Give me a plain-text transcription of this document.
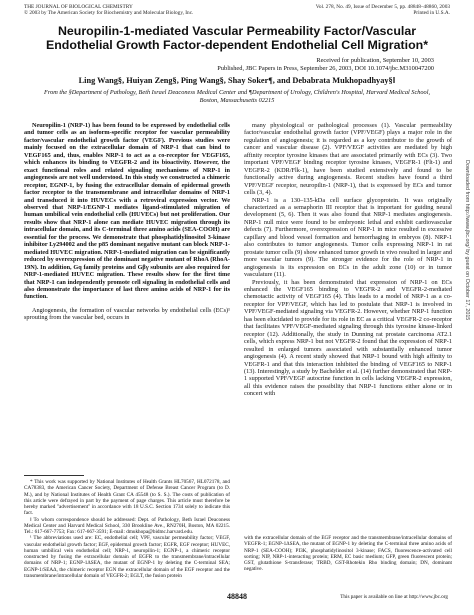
THE JOURNAL OF BIOLOGICAL CHEMISTRY
© 2003 by The American Society for Biochemistry and Molecular Biology, Inc.
Vol. 278, No. 49, Issue of December 5, pp. 48848–48860, 2003
Printed in U.S.A.
Neuropilin-1-mediated Vascular Permeability Factor/Vascular Endothelial Growth Factor-dependent Endothelial Cell Migration*
Received for publication, September 10, 2003
Published, JBC Papers in Press, September 26, 2003, DOI 10.1074/jbc.M310047200
Ling Wang§, Huiyan Zeng§, Ping Wang§, Shay Soker¶, and Debabrata Mukhopadhyay§‖
From the §Department of Pathology, Beth Israel Deaconess Medical Center and ¶Department of Urology, Children's Hospital, Harvard Medical School, Boston, Massachusetts 02215

Neuropilin-1 (NRP-1) has been found to be expressed by endothelial cells and tumor cells as an isoform-specific receptor for vascular permeability factor/vascular endothelial growth factor (VEGF). Previous studies were mainly focused on the extracellular domain of NRP-1 that can bind to VEGF165 and, thus, enables NRP-1 to act as a co-receptor for VEGF165, which enhances its binding to VEGFR-2 and its bioactivity. However, the exact functional roles and related signaling mechanisms of NRP-1 in angiogenesis are not well understood. In this study we constructed a chimeric receptor, EGNP-1, by fusing the extracellular domain of epidermal growth factor receptor to the transmembrane and intracellular domains of NRP-1 and transduced it into HUVECs with a retroviral expression vector. We observed that NRP-1/EGNP-1 mediates ligand-stimulated migration of human umbilical vein endothelial cells (HUVECs) but not proliferation. Our results show that NRP-1 alone can mediate HUVEC migration through its intracellular domain, and its C-terminal three amino acids (SEA-COOH) are essential for the process. We demonstrate that phosphatidylinositol 3-kinase inhibitor Ly294002 and the p85 dominant negative mutant can block NRP-1-mediated HUVEC migration. NRP-1-mediated migration can be significantly reduced by overexpression of the dominant negative mutant of RhoA (RhoA-19N). In addition, Gq family proteins and Gβγ subunits are also required for NRP-1-mediated HUVEC migration. These results show for the first time that NRP-1 can independently promote cell signaling in endothelial cells and also demonstrate the importance of last three amino acids of NRP-1 for its function.

Angiogenesis, the formation of vascular networks by endothelial cells (ECs)¹ sprouting from the vascular bed, occurs in

* This work was supported by National Institutes of Health Grants HL70567, HL072178, and CA78383, the American Cancer Society, Department of Defense Breast Cancer Program (to D. M.), and by National Institutes of Health Grant CA 45548 (to S. S.). The costs of publication of this article were defrayed in part by the payment of page charges. This article must therefore be hereby marked "advertisement" in accordance with 18 U.S.C. Section 1734 solely to indicate this fact.

‖ To whom correspondence should be addressed: Dept. of Pathology, Beth Israel Deaconess Medical Center and Harvard Medical School, 330 Brookline Ave., RN270H, Boston, MA 02215. Tel.: 617-667-7753; Fax: 617-667-3591; E-mail: dmukhopa@bidmc.harvard.edu.

¹ The abbreviations used are: EC, endothelial cell; VPF, vascular permeability factor; VEGF, vascular endothelial growth factor; EGF, epidermal growth factor; EGFR, EGF receptor; HUVEC, human umbilical vein endothelial cell; NRP-1, neuropilin-1; EGNP-1, a chimeric receptor constructed by fusing the extracellular domain of EGFR to the transmembrane/intracellular domains of NRP-1; EGNP-1ΔSEA, the mutant of EGNP-1 by deleting the C-terminal SEA; EGNP-1/SEAΔ, the chimeric receptor EGN the extracellular domain of the EGF receptor and the transmembrane/intracellular domain of VEGFR-2; EGLT, the fusion protein

many physiological or pathological processes (1). Vascular permeability factor/vascular endothelial growth factor (VPF/VEGF) plays a major role in the regulation of angiogenesis; it is regarded as a key contributor to the growth of cancer and vascular disease (2). VPF/VEGF activities are mediated by high affinity receptor tyrosine kinases that are associated primarily with ECs (3). Two important VPF/VEGF binding receptor tyrosine kinases, VEGFR-1 (Flt-1) and VEGFR-2 (KDR/Flk-1), have been studied extensively and found to be functionally active during angiogenesis. Recent studies have found a third VPF/VEGF receptor, neuropilin-1 (NRP-1), that is expressed by ECs and tumor cells (3, 4).

NRP-1 is a 130–135-kDa cell surface glycoprotein. It was originally characterized as a semaphorin III receptor that is important for guiding neural development (5, 6). Then it was also found that NRP-1 mediates angiogenesis. NRP-1 null mice were found to be embryonic lethal and exhibit cardiovascular defects (7). Furthermore, overexpression of NRP-1 in mice resulted in excessive capillary and blood vessel formation and hemorrhaging in embryos (8). NRP-1 also contributes to tumor angiogenesis. Tumor cells expressing NRP-1 in rat prostate tumor cells (9) show enhanced tumor growth in vivo resulted in larger and more vascular tumors (9). The stronger evidence for the role of NRP-1 in angiogenesis is its expression on ECs in the adult zone (10) or in tumor vasculature (11).

Previously, it has been demonstrated that expression of NRP-1 on ECs enhanced the VEGF165 binding to VEGFR-2 and VEGFR-2-mediated chemotactic activity of VEGF165 (4). This leads to a model of NRP-1 as a co-receptor for VPF/VEGF, which has led to postulate that NRP-1 is involved in VPF/VEGF-mediated signaling via VEGFR-2. However, whether NRP-1 function has been elucidated to provide for its role in EC as a critical VEGFR-2 co-receptor that facilitates VPF/VEGF-mediated signaling through this tyrosine kinase-linked receptor (12). Additionally, the study in Dunning rat prostate carcinoma AT2.1 cells, which express NRP-1 but not VEGFR-2 found that the expression of NRP-1 resulted in enlarged tumors associated with substantially enhanced tumor angiogenesis (4). A recent study showed that NRP-1 bound with high affinity to VEGFR-1 and that this interaction inhibited the binding of VEGF165 to NRP-1 (13). Interestingly, a study by Bachelder et al. (14) further demonstrated that NRP-1 supported VPF/VEGF autocrine function in cells lacking VEGFR-2 expression, all this evidence raises the possibility that NRP-1 functions either alone or in concert with

with the extracellular domain of the EGF receptor and the transmembrane/intracellular domains of VEGFR-1; EGNP-1ΔSEA, the mutant of EGNP-1 by deleting the C-terminal three amino acids of NRP-1 (SEA-COOH); PI3K, phosphatidylinositol 3-kinase; FACS, fluorescence-activated cell sorting; NIP, NRP-1-interacting protein; ERM, EC basic medium; GFP, green fluorescent protein; GST, glutathione S-transferase; TRBD, GST-Rhotekin Rho binding domain; DN, dominant negative.
48848	This paper is available on line at http://www.jbc.org
Downloaded from http://www.jbc.org/ by guest on October 17, 2015
